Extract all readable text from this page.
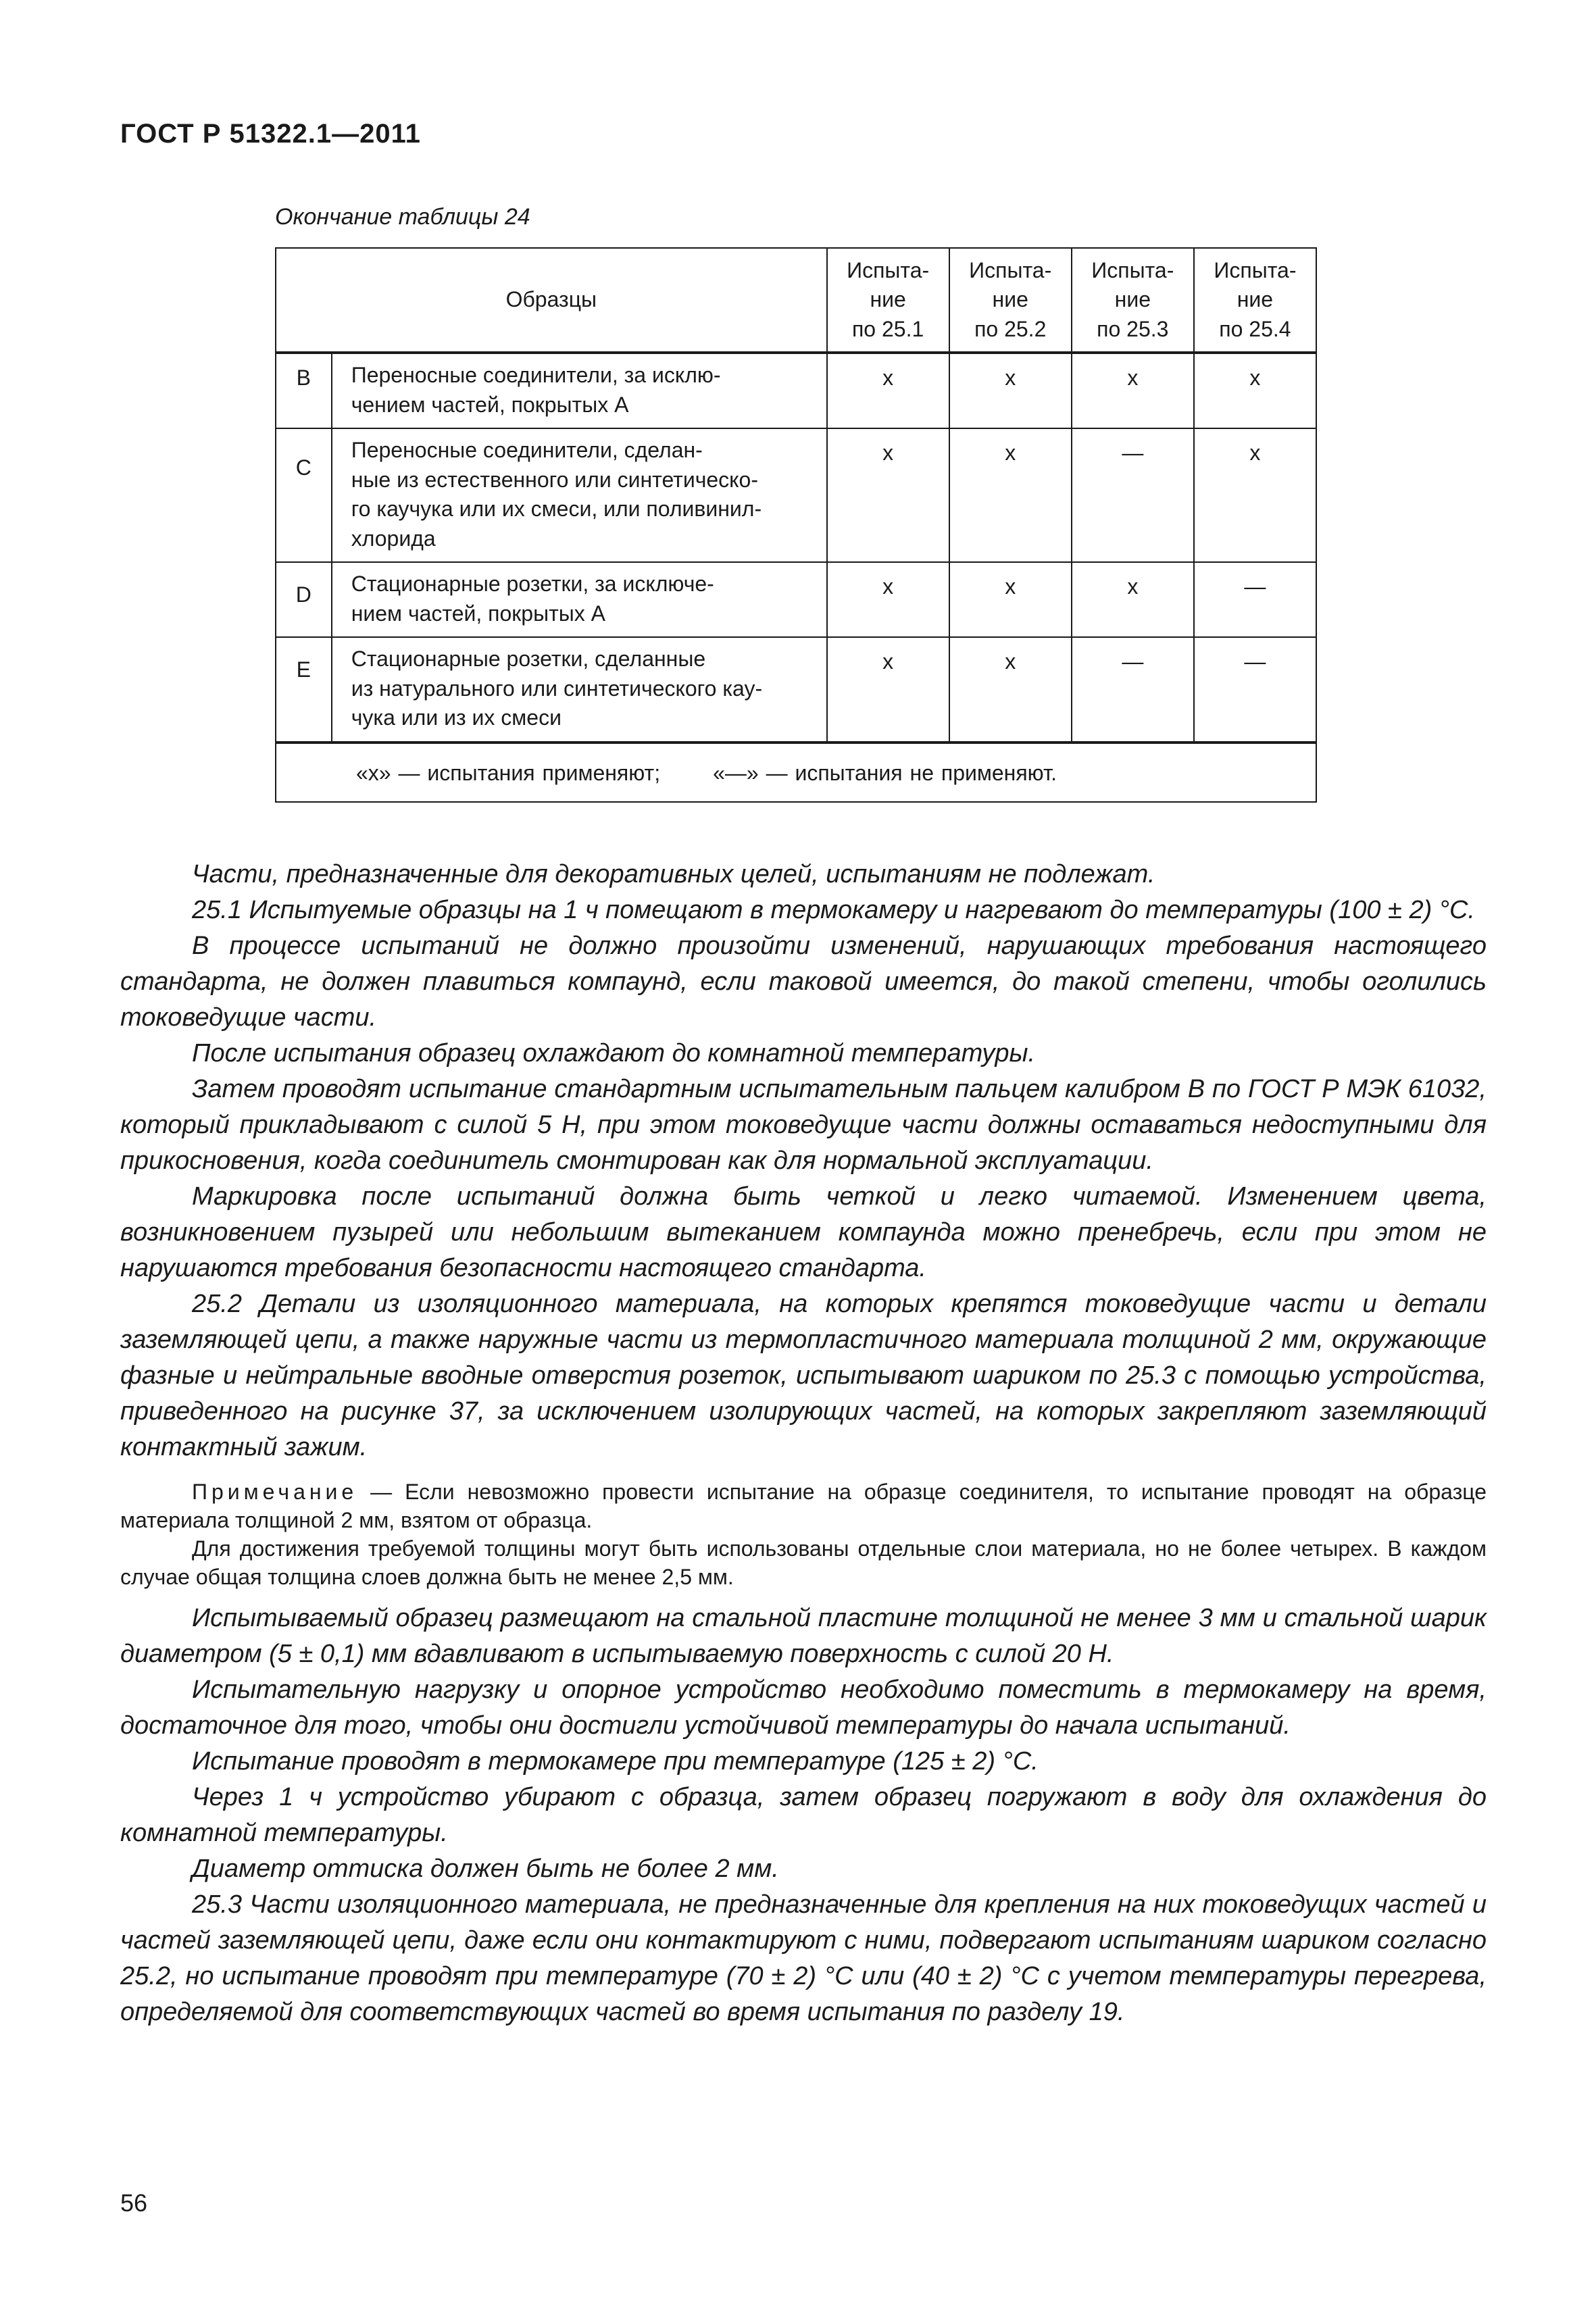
ГОСТ Р 51322.1—2011
Окончание таблицы 24
Образцы		Испыта-
ние
по 25.1	Испыта-
ние
по 25.2	Испыта-
ние
по 25.3	Испыта-
ние
по 25.4
B	Переносные соединители, за исклю-
чением частей, покрытых А	x	x	x	x
C	Переносные соединители, сделан-
ные из естественного или синтетическо-
го каучука или их смеси, или поливинил-
хлорида	x	x	—	x
D	Стационарные розетки, за исключе-
нием частей, покрытых А	x	x	x	—
E	Стационарные розетки, сделанные
из натурального или синтетического кау-
чука или из их смеси	x	x	—	—
«х» — испытания применяют; «—» — испытания не применяют.					

Части, предназначенные для декоративных целей, испытаниям не подлежат.

25.1 Испытуемые образцы на 1 ч помещают в термокамеру и нагревают до температуры (100 ± 2) °С.

В процессе испытаний не должно произойти изменений, нарушающих требования настоящего стандарта, не должен плавиться компаунд, если таковой имеется, до такой степени, чтобы оголились токоведущие части.

После испытания образец охлаждают до комнатной температуры.

Затем проводят испытание стандартным испытательным пальцем калибром В по ГОСТ Р МЭК 61032, который прикладывают с силой 5 Н, при этом токоведущие части должны оставаться недоступными для прикосновения, когда соединитель смонтирован как для нормальной эксплуатации.

Маркировка после испытаний должна быть четкой и легко читаемой. Изменением цвета, возникновением пузырей или небольшим вытеканием компаунда можно пренебречь, если при этом не нарушаются требования безопасности настоящего стандарта.

25.2 Детали из изоляционного материала, на которых крепятся токоведущие части и детали заземляющей цепи, а также наружные части из термопластичного материала толщиной 2 мм, окружающие фазные и нейтральные вводные отверстия розеток, испытывают шариком по 25.3 с помощью устройства, приведенного на рисунке 37, за исключением изолирующих частей, на которых закрепляют заземляющий контактный зажим.

Примечание — Если невозможно провести испытание на образце соединителя, то испытание проводят на образце материала толщиной 2 мм, взятом от образца.

Для достижения требуемой толщины могут быть использованы отдельные слои материала, но не более четырех. В каждом случае общая толщина слоев должна быть не менее 2,5 мм.

Испытываемый образец размещают на стальной пластине толщиной не менее 3 мм и стальной шарик диаметром (5 ± 0,1) мм вдавливают в испытываемую поверхность с силой 20 Н.

Испытательную нагрузку и опорное устройство необходимо поместить в термокамеру на время, достаточное для того, чтобы они достигли устойчивой температуры до начала испытаний.

Испытание проводят в термокамере при температуре (125 ± 2) °С.

Через 1 ч устройство убирают с образца, затем образец погружают в воду для охлаждения до комнатной температуры.

Диаметр оттиска должен быть не более 2 мм.

25.3 Части изоляционного материала, не предназначенные для крепления на них токоведущих частей и частей заземляющей цепи, даже если они контактируют с ними, подвергают испытаниям шариком согласно 25.2, но испытание проводят при температуре (70 ± 2) °С или (40 ± 2) °С с учетом температуры перегрева, определяемой для соответствующих частей во время испытания по разделу 19.

56
